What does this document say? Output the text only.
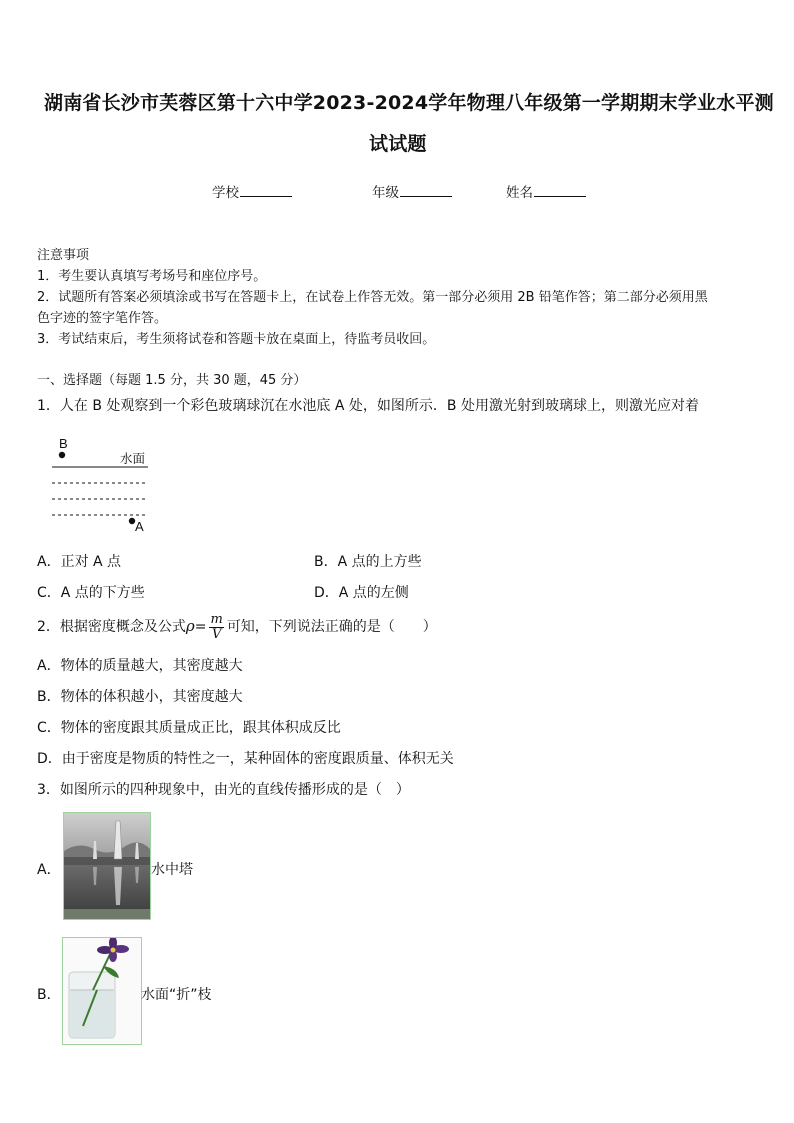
湖南省长沙市芙蓉区第十六中学2023-2024学年物理八年级第一学期期末学业水平测
试试题
学校	年级	姓名
注意事项
1．考生要认真填写考场号和座位序号。
2．试题所有答案必须填涂或书写在答题卡上，在试卷上作答无效。第一部分必须用 2B 铅笔作答；第二部分必须用黑
色字迹的签字笔作答。
3．考试结束后，考生须将试卷和答题卡放在桌面上，待监考员收回。
一、选择题（每题 1.5 分，共 30 题，45 分）
1．人在 B 处观察到一个彩色玻璃球沉在水池底 A 处，如图所示．B 处用激光射到玻璃球上，则激光应对着
B
水面
A
A．正对 A 点	B．A 点的上方些
C．A 点的下方些	D．A 点的左侧
2．根据密度概念及公式$\rho= \frac{m}{V}$ 可知，下列说法正确的是（　　）
A．物体的质量越大，其密度越大
B．物体的体积越小，其密度越大
C．物体的密度跟其质量成正比，跟其体积成反比
D．由于密度是物质的特性之一，某种固体的密度跟质量、体积无关
3．如图所示的四种现象中，由光的直线传播形成的是（　）
A．	水中塔
B．	水面“折”枝
